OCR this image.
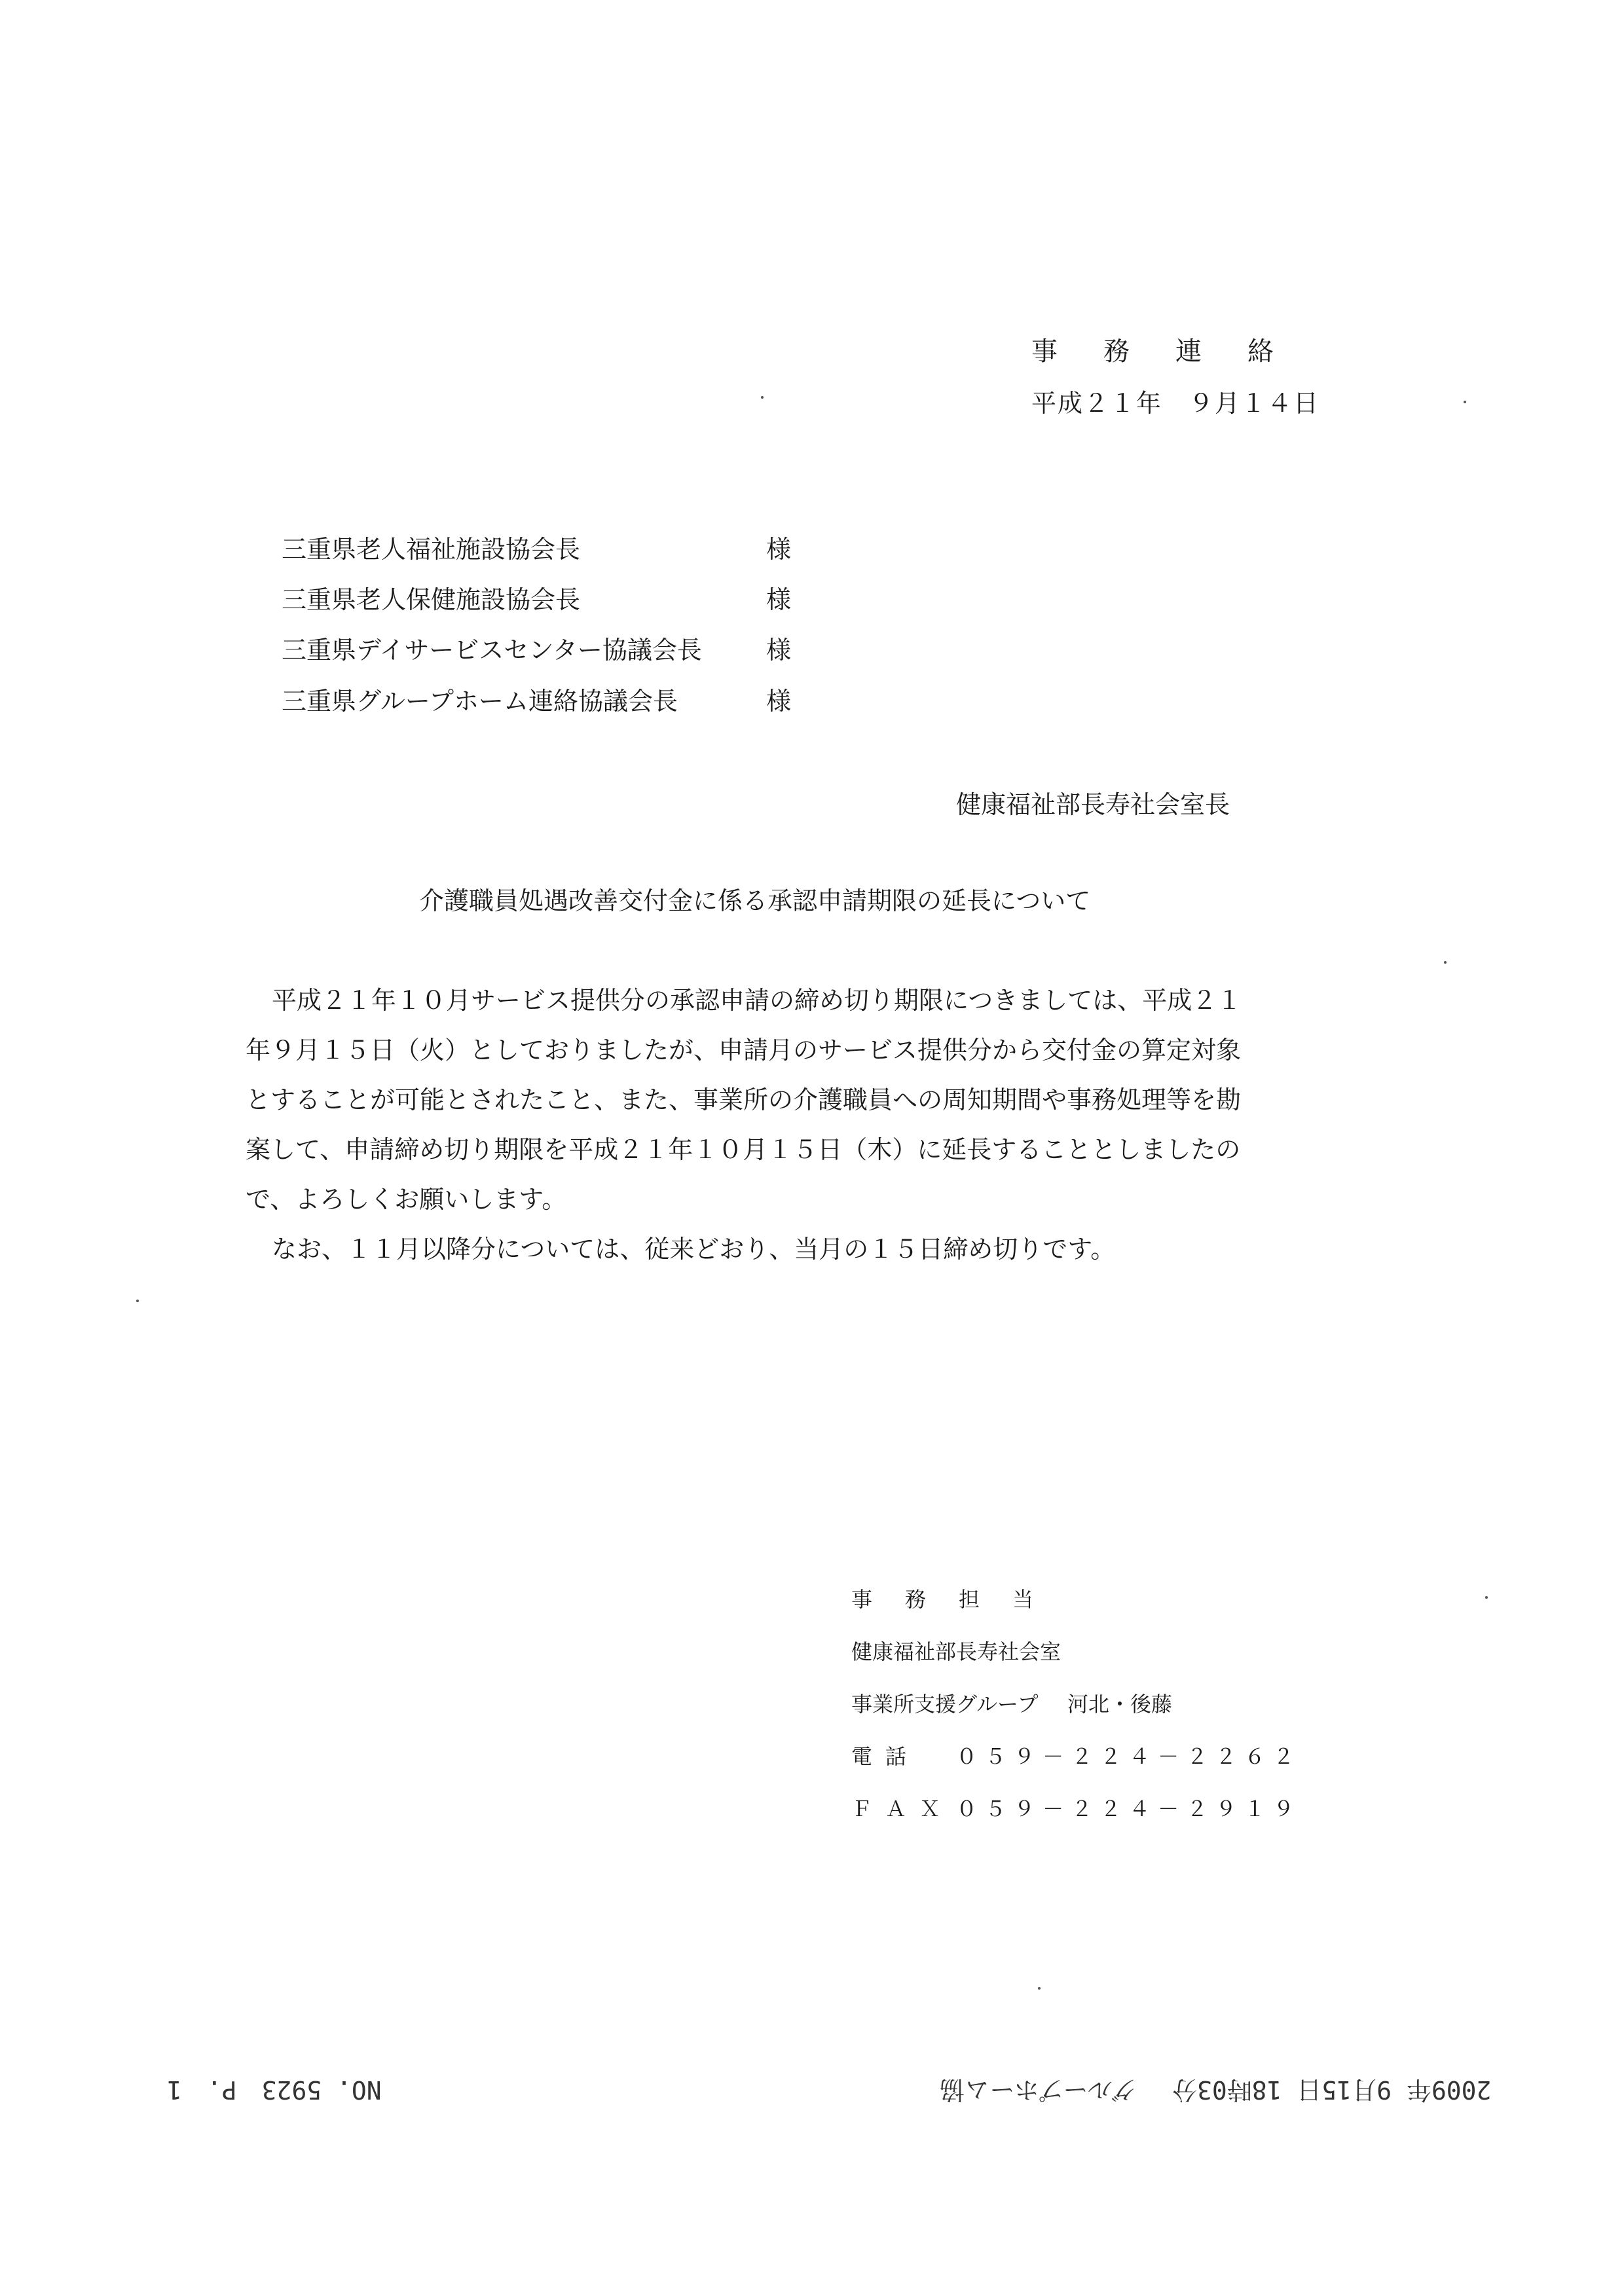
事務連絡
平成２１年　９月１４日
三重県老人福祉施設協会長	様
三重県老人保健施設協会長	様
三重県デイサービスセンター協議会長	様
三重県グループホーム連絡協議会長	様
健康福祉部長寿社会室長
介護職員処遇改善交付金に係る承認申請期限の延長について
平成２１年１０月サービス提供分の承認申請の締め切り期限につきましては、平成２１
年９月１５日（火）としておりましたが、申請月のサービス提供分から交付金の算定対象
とすることが可能とされたこと、また、事業所の介護職員への周知期間や事務処理等を勘
案して、申請締め切り期限を平成２１年１０月１５日（木）に延長することとしましたの
で、よろしくお願いします。
なお、１１月以降分については、従来どおり、当月の１５日締め切りです。
事務担当
健康福祉部長寿社会室
事業所支援グループ 河北・後藤
電話 ０５９－２２４－２２６２
ＦＡＸ ０５９－２２４－２９１９
NO. 5923　P.　1	グループホーム協 2009年 9月15日 18時03分
